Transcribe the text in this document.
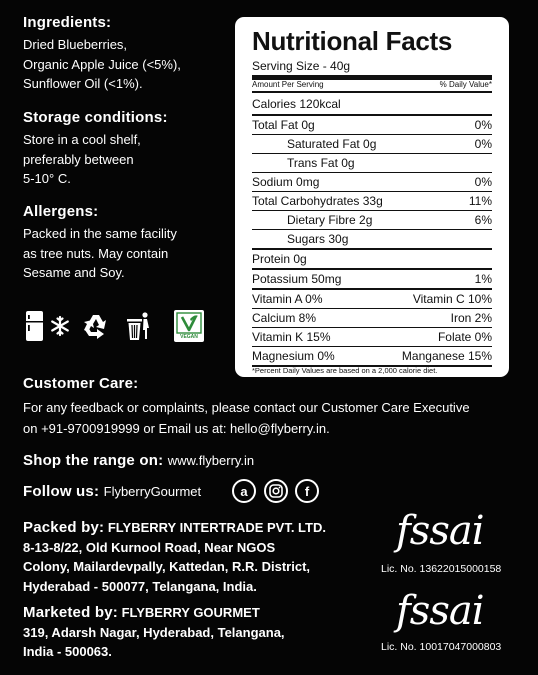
Ingredients:
Dried Blueberries,
Organic Apple Juice (<5%),
Sunflower Oil (<1%).
Storage conditions:
Store in a cool shelf,
preferably between
5-10° C.
Allergens:
Packed in the same facility
as tree nuts. May contain
Sesame and Soy.
VEGAN
Nutritional Facts
Serving Size - 40g
Amount Per Serving	% Daily Value*
Calories 120kcal
Total Fat 0g	0%
Saturated Fat 0g	0%
Trans Fat 0g
Sodium 0mg	0%
Total Carbohydrates 33g	11%
Dietary Fibre 2g	6%
Sugars 30g
Protein 0g
Potassium 50mg	1%
Vitamin A 0%	Vitamin C 10%
Calcium 8%	Iron 2%
Vitamin K 15%	Folate 0%
Magnesium 0%	Manganese 15%
*Percent Daily Values are based on a 2,000 calorie diet.
Customer Care:
For any feedback or complaints, please contact our Customer Care Executive
on +91-9700919999 or Email us at: hello@flyberry.in.
Shop the range on: www.flyberry.in
Follow us: FlyberryGourmet	a	f
Packed by: FLYBERRY INTERTRADE PVT. LTD.
8-13-8/22, Old Kurnool Road, Near NGOS
Colony, Mailardevpally, Kattedan, R.R. District,
Hyderabad - 500077, Telangana, India.
Marketed by: FLYBERRY GOURMET
319, Adarsh Nagar, Hyderabad, Telangana,
India - 500063.
fssai
Lic. No. 13622015000158
fssai
Lic. No. 10017047000803
